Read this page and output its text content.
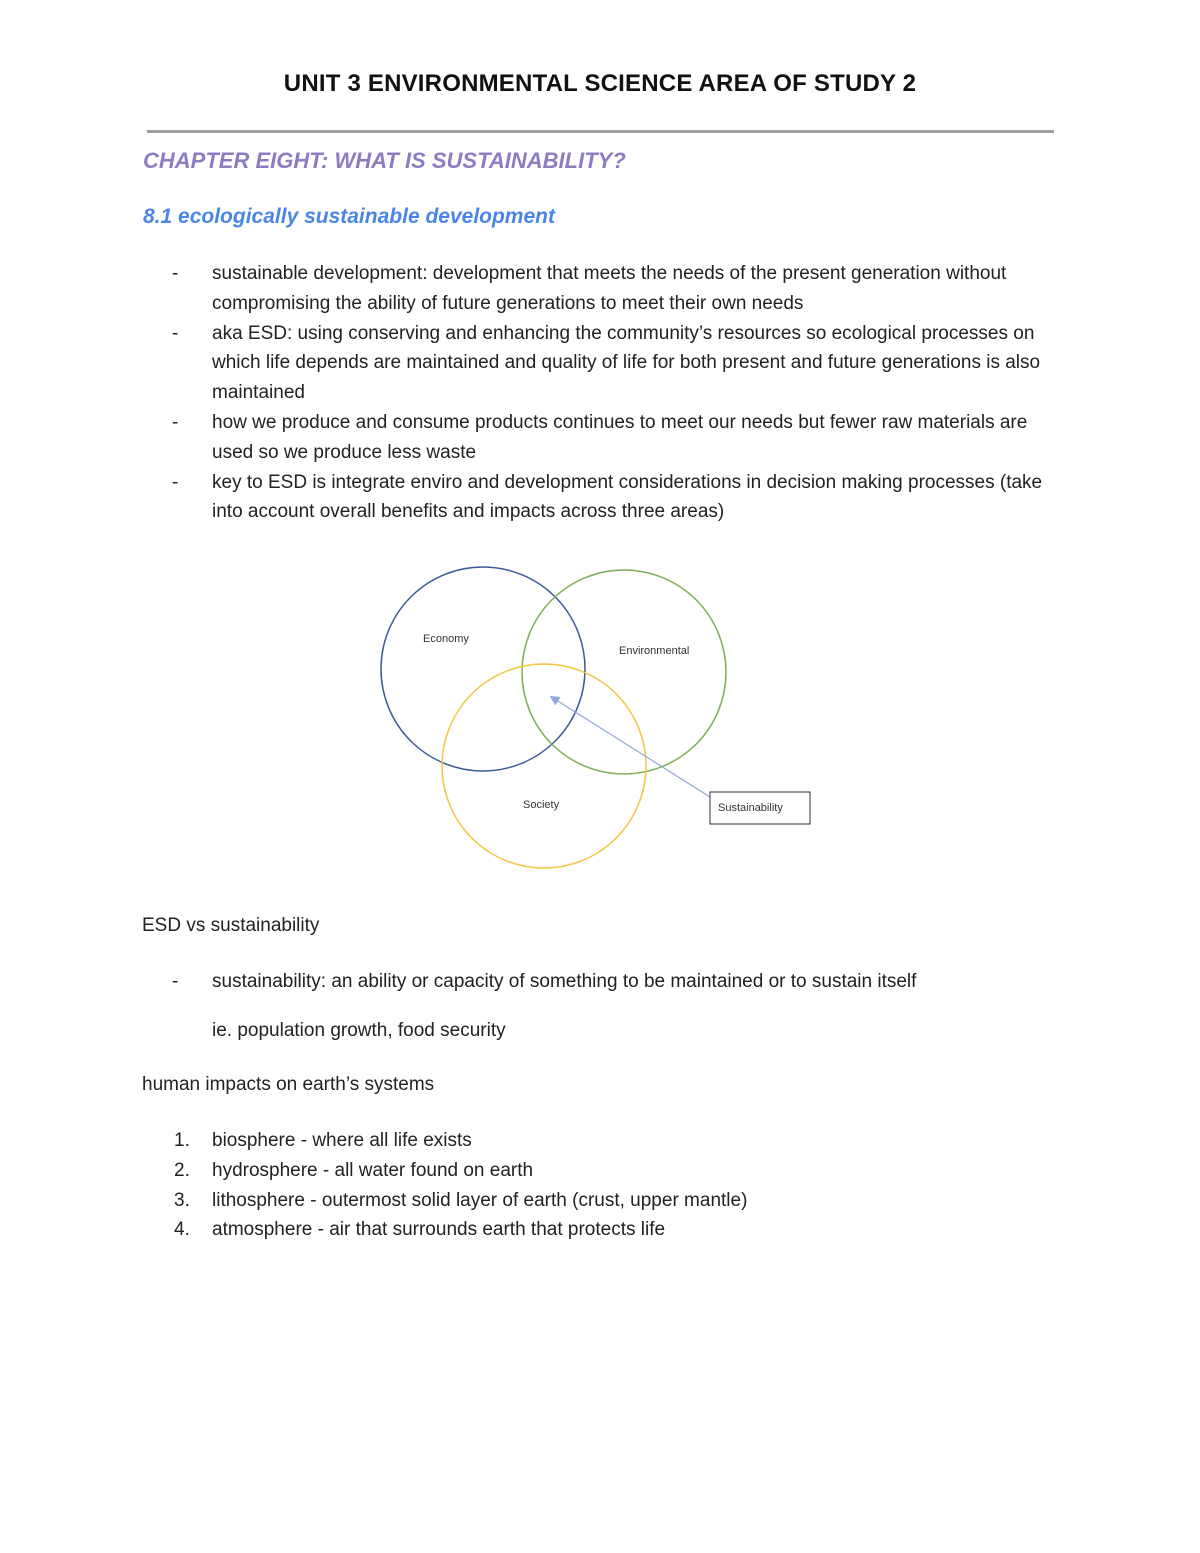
UNIT 3 ENVIRONMENTAL SCIENCE AREA OF STUDY 2
CHAPTER EIGHT: WHAT IS SUSTAINABILITY?
8.1 ecologically sustainable development
- sustainable development: development that meets the needs of the present generation without compromising the ability of future generations to meet their own needs
- aka ESD: using conserving and enhancing the community’s resources so ecological processes on which life depends are maintained and quality of life for both present and future generations is also maintained
- how we produce and consume products continues to meet our needs but fewer raw materials are used so we produce less waste
- key to ESD is integrate enviro and development considerations in decision making processes (take into account overall benefits and impacts across three areas)
Economy
Environmental
Society	Sustainability

ESD vs sustainability

- sustainability: an ability or capacity of something to be maintained or to sustain itself

ie. population growth, food security

human impacts on earth’s systems

1. biosphere - where all life exists
2. hydrosphere - all water found on earth
3. lithosphere - outermost solid layer of earth (crust, upper mantle)
4. atmosphere - air that surrounds earth that protects life
